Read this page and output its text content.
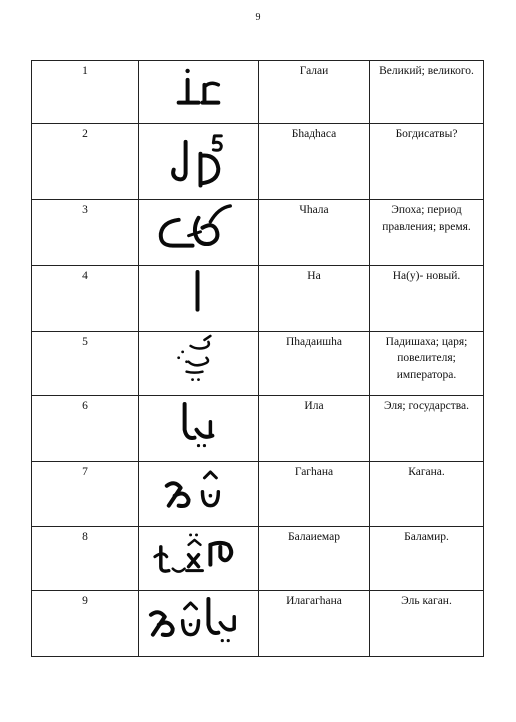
9
1		Галаи	Великий; великого.
2		Бhадhаса	Богдисатвы?
3		Чhала	Эпоха; период правления; время.
4		На	На(у)- новый.
5		Пhадаишhа	Падишаха; царя; повелителя; императора.
6		Ила	Эля; государства.
7		Гагhана	Кагана.
8		Балаиемар	Баламир.
9		Илагагhана	Эль каган.
